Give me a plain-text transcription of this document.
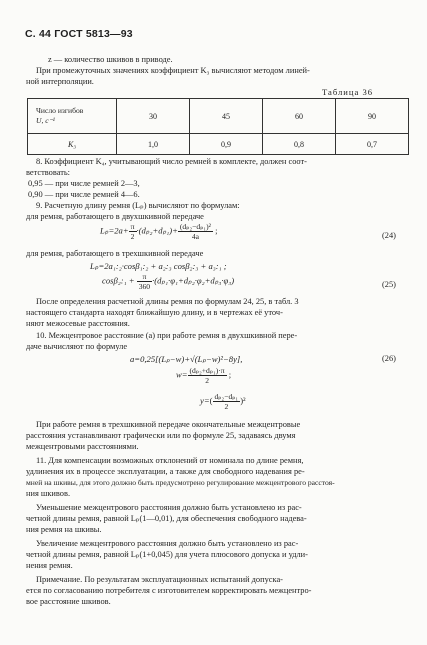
С. 44 ГОСТ 5813—93
z — количество шкивов в приводе.
При промежуточных значениях коэффициент K₃ вычисляют методом линей-
ной интерполяции.
Таблица 36
Число изгибов
U, с⁻¹	30	45	60	90
K₃	1,0	0,9	0,8	0,7
8. Коэффициент K₄, учитывающий число ремней в комплекте, должен соот-
ветствовать:
0,95 — при числе ремней 2—3,
0,90 — при числе ремней 4—6.
9. Расчетную длину ремня (Lₚ) вычисляют по формулам:
для ремня, работающего в двухшкивной передаче
$L_p=2a+ \frac{\pi}{2} \cdot(d_{p2}+d_{p1})+ \frac{\text{(dₚ₂−dₚ₁)²}}{4a}$ ;
(24)
для ремня, работающего в трехшкивной передаче
Lₚ=2a₁:₂·cosβ₁:₂ + a₂:₃ cosβ₂:₃ + a₃:₁ ;
cosβ₂:₁ + $\frac{\pi}{360} \cdot(d_{p1}\cdot\varphi_1+d_{p2}\cdot\varphi_2+d_{p3}\cdot\varphi_3)$	(25)
После определения расчетной длины ремня по формулам 24, 25, в табл. 3
настоящего стандарта находят ближайшую длину, и в чертежах её уточ-
няют межосевые расстояния.
10. Межцентровое расстояние (a) при работе ремня в двухшкивной пере-
даче вычисляют по формуле
a=0,25[(Lₚ−w)+√(Lₚ−w)²−8y],	(26)
$w= \frac{\text{(dₚ₂+dₚ₁)·π}}{2}$ ;
$y=( \frac{\text{dₚ₂−dₚ₁}}{2} )^2$
При работе ремня в трехшкивной передаче окончательные межцентровые
расстояния устанавливают графически или по формуле 25, задаваясь двумя
межцентровыми расстояниями.
11. Для компенсации возможных отклонений от номинала по длине ремня,
удлинения их в процессе эксплуатации, а также для свободного надевания ре-
мней на шкивы, для этого должно быть предусмотрено регулирование межцентрового расстоя-
ния шкивов.
Уменьшение межцентрового расстояния должно быть установлено из рас-
четной длины ремня, равной Lₚ(1—0,01), для обеспечения свободного надева-
ния ремня на шкивы.
Увеличение межцентрового расстояния должно быть установлено из рас-
четной длины ремня, равной Lₚ(1+0,045) для учета плюсового допуска и удли-
нения ремня.
Примечание. По результатам эксплуатационных испытаний допуска-
ется по согласованию потребителя с изготовителем корректировать межцентро-
вое расстояние шкивов.
